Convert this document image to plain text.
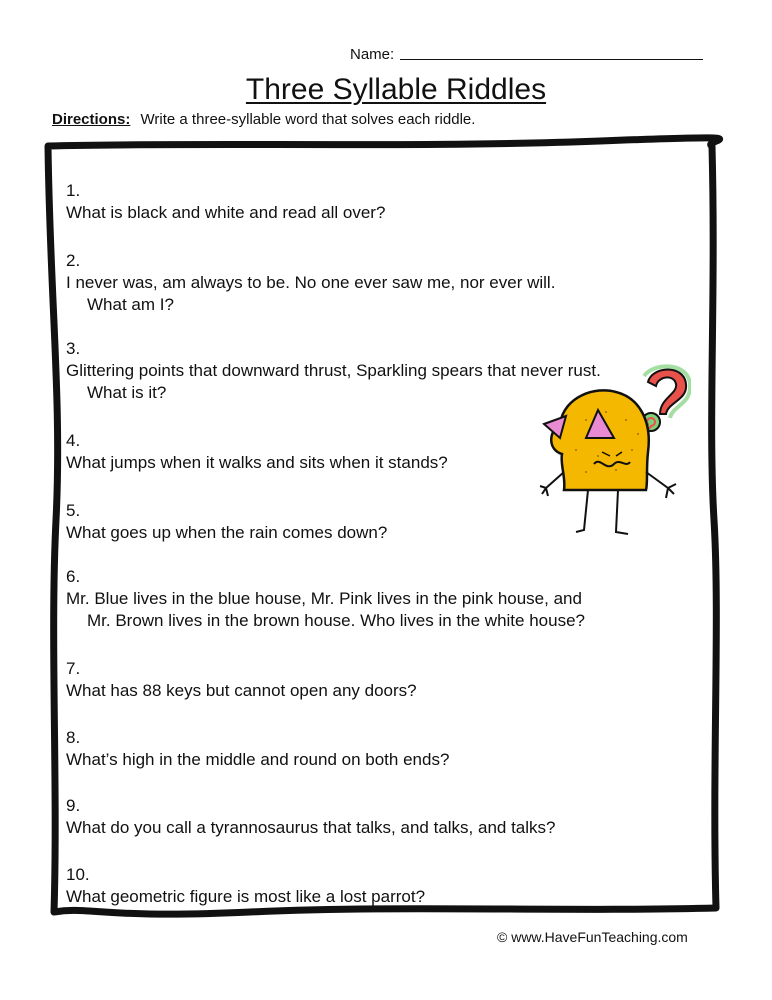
Name:
Three Syllable Riddles
Directions: Write a three-syllable word that solves each riddle.

1.
What is black and white and read all over?

2.
I never was, am always to be. No one ever saw me, nor ever will.

What am I?

3.
Glittering points that downward thrust, Sparkling spears that never rust.

What is it?

4.
What jumps when it walks and sits when it stands?

5.
What goes up when the rain comes down?

6.
Mr. Blue lives in the blue house, Mr. Pink lives in the pink house, and

Mr. Brown lives in the brown house. Who lives in the white house?

7.
What has 88 keys but cannot open any doors?

8.
What’s high in the middle and round on both ends?

9.
What do you call a tyrannosaurus that talks, and talks, and talks?

10.
What geometric figure is most like a lost parrot?

© www.HaveFunTeaching.com
